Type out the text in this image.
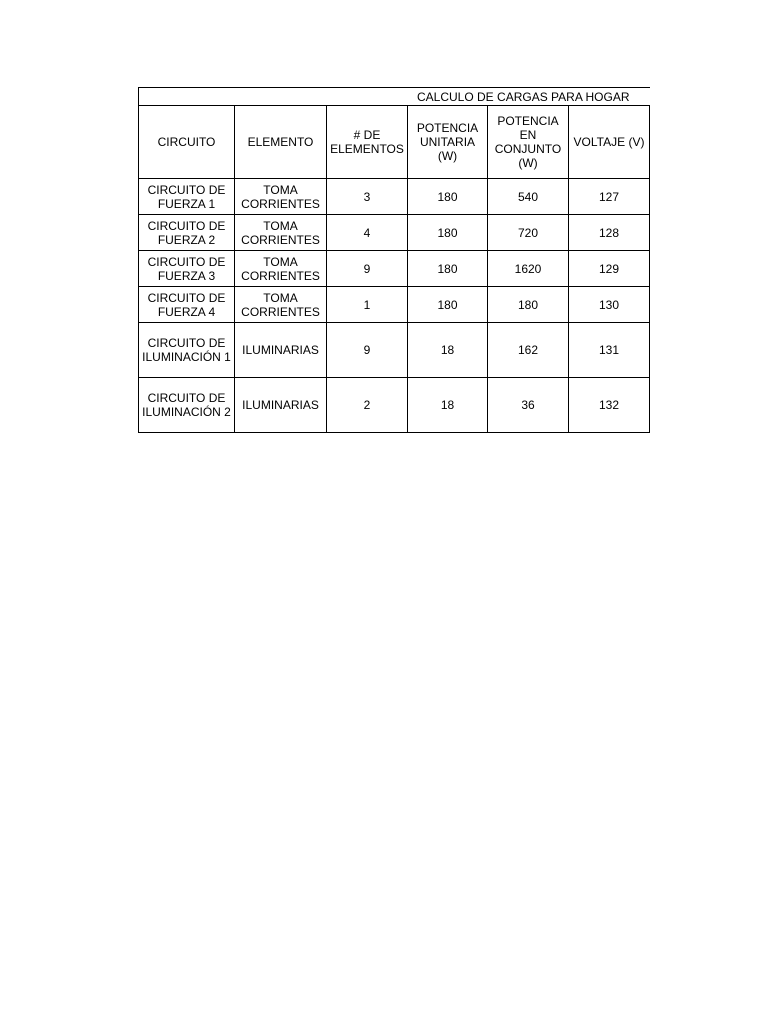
CALCULO DE CARGAS PARA HOGAR					
CIRCUITO	ELEMENTO	# DE ELEMENTOS	POTENCIA UNITARIA (W)	POTENCIA EN CONJUNTO (W)	VOLTAJE (V)
CIRCUITO DE FUERZA 1	TOMA CORRIENTES	3	180	540	127
CIRCUITO DE FUERZA 2	TOMA CORRIENTES	4	180	720	128
CIRCUITO DE FUERZA 3	TOMA CORRIENTES	9	180	1620	129
CIRCUITO DE FUERZA 4	TOMA CORRIENTES	1	180	180	130
CIRCUITO DE ILUMINACIÓN 1	ILUMINARIAS	9	18	162	131
CIRCUITO DE ILUMINACIÓN 2	ILUMINARIAS	2	18	36	132
